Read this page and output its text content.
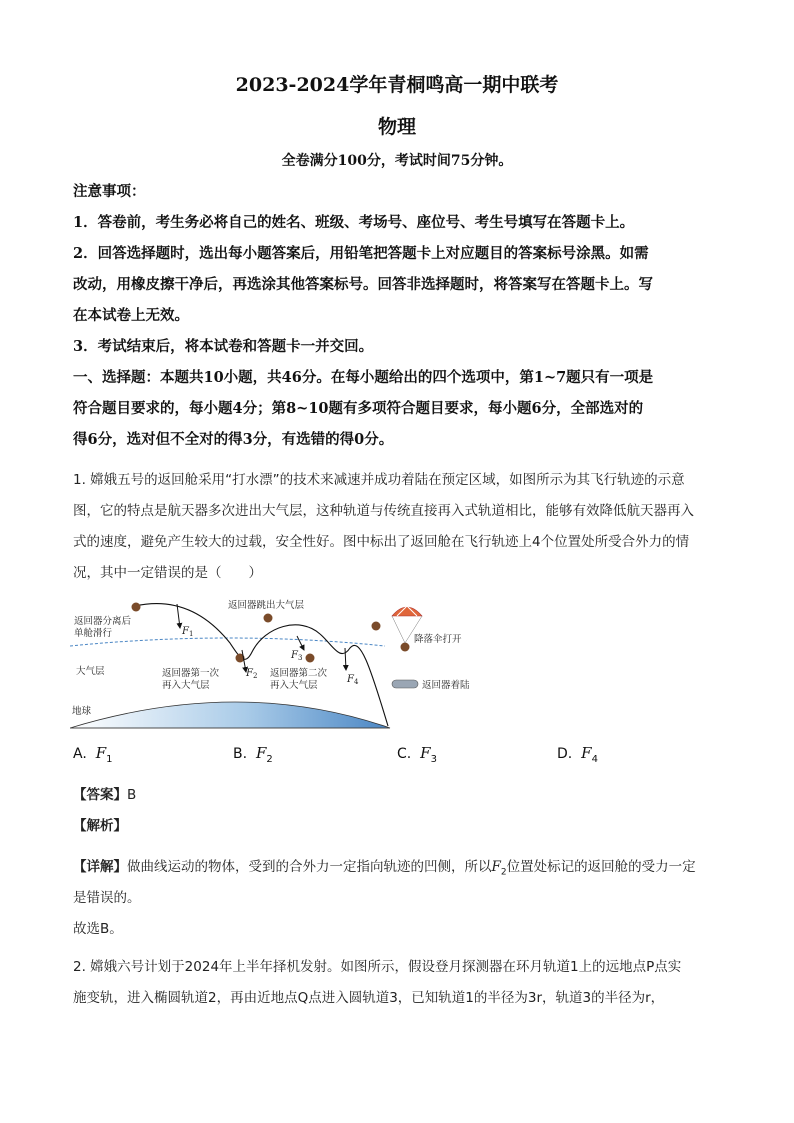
2023-2024学年青桐鸣高一期中联考
物理
全卷满分100分，考试时间75分钟。
注意事项：
1．答卷前，考生务必将自己的姓名、班级、考场号、座位号、考生号填写在答题卡上。
2．回答选择题时，选出每小题答案后，用铅笔把答题卡上对应题目的答案标号涂黑。如需
改动，用橡皮擦干净后，再选涂其他答案标号。回答非选择题时，将答案写在答题卡上。写
在本试卷上无效。
3．考试结束后，将本试卷和答题卡一并交回。
一、选择题：本题共10小题，共46分。在每小题给出的四个选项中，第1~7题只有一项是
符合题目要求的，每小题4分；第8~10题有多项符合题目要求，每小题6分，全部选对的
得6分，选对但不全对的得3分，有选错的得0分。
1. 嫦娥五号的返回舱采用“打水漂”的技术来减速并成功着陆在预定区域，如图所示为其飞行轨迹的示意
图，它的特点是航天器多次进出大气层，这种轨道与传统直接再入式轨道相比，能够有效降低航天器再入
式的速度，避免产生较大的过载，安全性好。图中标出了返回舱在飞行轨迹上4个位置处所受合外力的情
况，其中一定错误的是（　　）
$F_1$
$F_2$
$F_3$
$F_4$
返回器分离后
单舱滑行
返回器跳出大气层
大气层	返回器第一次
再入大气层
返回器第二次
再入大气层
降落伞打开
返回器着陆
地球
A. $F_1$	B. $F_2$	C. $F_3$	D. $F_4$
【答案】B
【解析】
【详解】做曲线运动的物体，受到的合外力一定指向轨迹的凹侧，所以$F_2$位置处标记的返回舱的受力一定
是错误的。
故选B。
2. 嫦娥六号计划于2024年上半年择机发射。如图所示，假设登月探测器在环月轨道1上的远地点P点实
施变轨，进入椭圆轨道2，再由近地点Q点进入圆轨道3，已知轨道1的半径为3r，轨道3的半径为r，
